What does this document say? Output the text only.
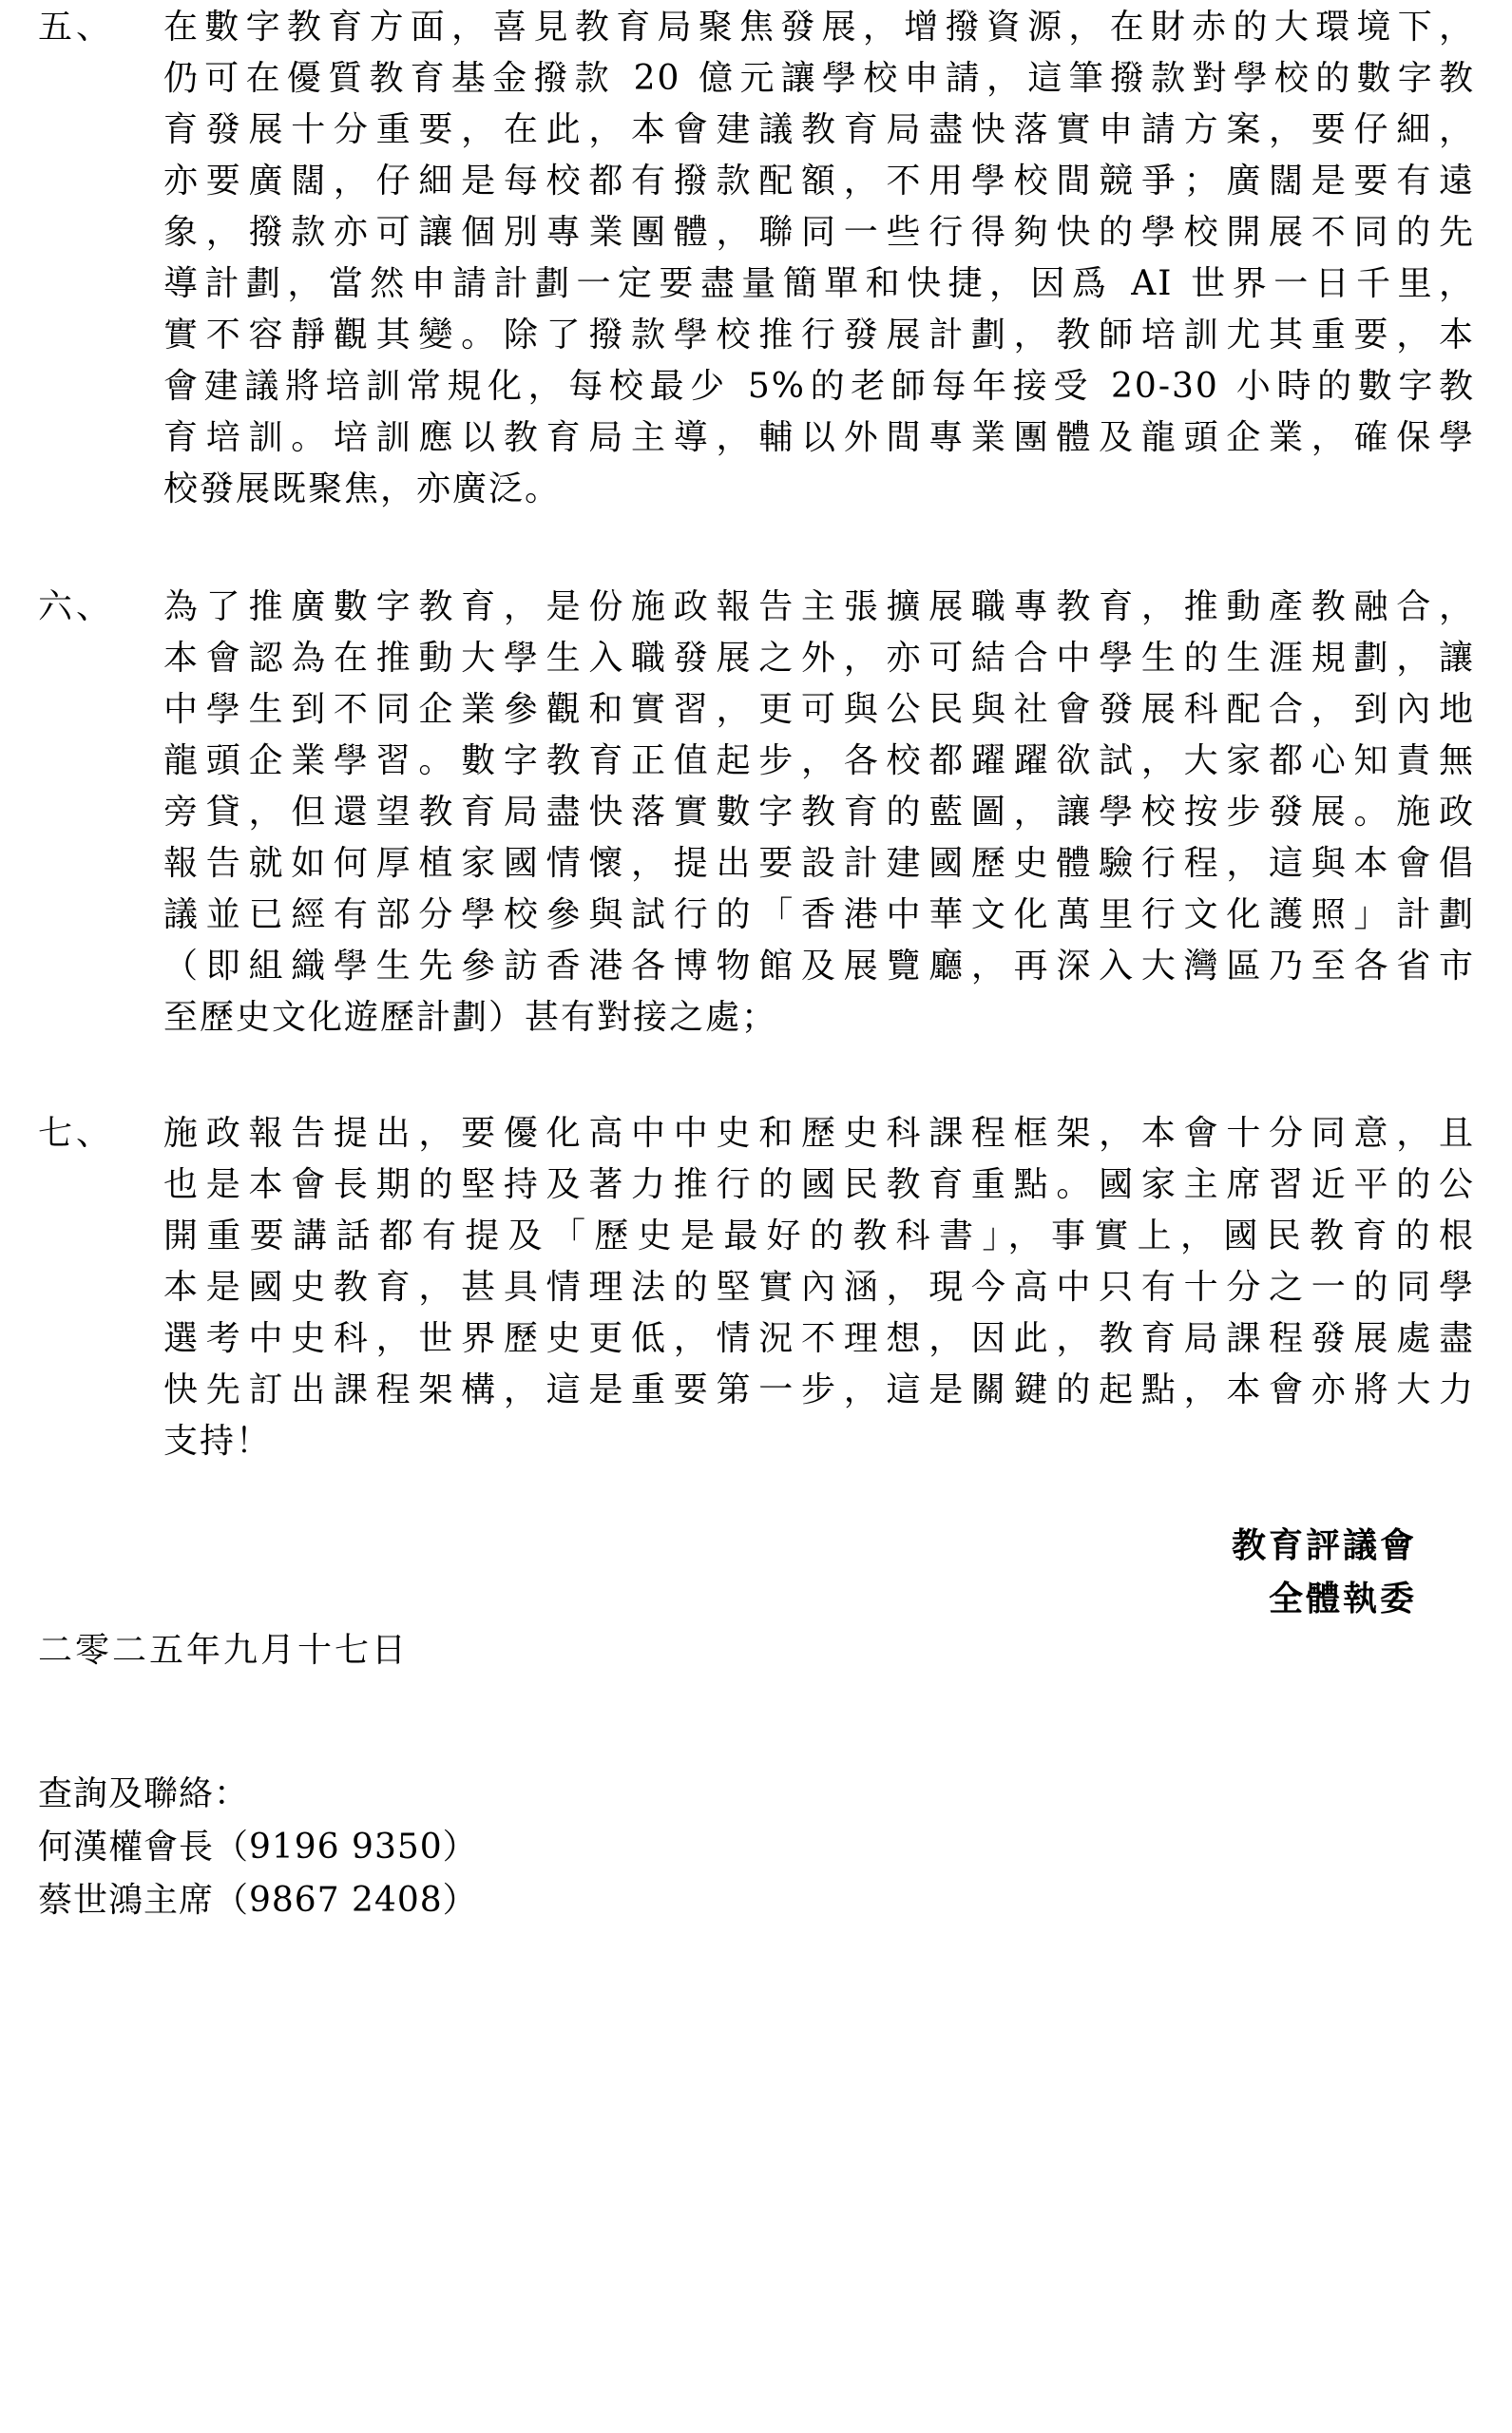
五、 在數字教育方面，喜見教育局聚焦發展，增撥資源，在財赤的大環境下，
仍可在優質教育基金撥款 20 億元讓學校申請，這筆撥款對學校的數字教
育發展十分重要，在此，本會建議教育局盡快落實申請方案，要仔細，
亦要廣闊，仔細是每校都有撥款配額，不用學校間競爭；廣闊是要有遠
象，撥款亦可讓個別專業團體，聯同一些行得夠快的學校開展不同的先
導計劃，當然申請計劃一定要盡量簡單和快捷，因爲 AI 世界一日千里，
實不容靜觀其變。除了撥款學校推行發展計劃，教師培訓尤其重要，本
會建議將培訓常規化，每校最少 5%的老師每年接受 20-30 小時的數字教
育培訓。培訓應以教育局主導，輔以外間專業團體及龍頭企業，確保學
校發展既聚焦，亦廣泛。
六、 為了推廣數字教育，是份施政報告主張擴展職專教育，推動產教融合，
本會認為在推動大學生入職發展之外，亦可結合中學生的生涯規劃，讓
中學生到不同企業參觀和實習，更可與公民與社會發展科配合，到內地
龍頭企業學習。數字教育正值起步，各校都躍躍欲試，大家都心知責無
旁貸，但還望教育局盡快落實數字教育的藍圖，讓學校按步發展。施政
報告就如何厚植家國情懷，提出要設計建國歷史體驗行程，這與本會倡
議並已經有部分學校參與試行的「香港中華文化萬里行文化護照」計劃
（即組織學生先參訪香港各博物館及展覽廳，再深入大灣區乃至各省市
至歷史文化遊歷計劃）甚有對接之處；
七、 施政報告提出，要優化高中中史和歷史科課程框架，本會十分同意，且
也是本會長期的堅持及著力推行的國民教育重點。國家主席習近平的公
開重要講話都有提及「歷史是最好的教科書」，事實上，國民教育的根
本是國史教育，甚具情理法的堅實內涵，現今高中只有十分之一的同學
選考中史科，世界歷史更低，情況不理想，因此，教育局課程發展處盡
快先訂出課程架構，這是重要第一步，這是關鍵的起點，本會亦將大力
支持！
教育評議會
全體執委
二零二五年九月十七日
查詢及聯絡：
何漢權會長（9196 9350）
蔡世鴻主席（9867 2408）
